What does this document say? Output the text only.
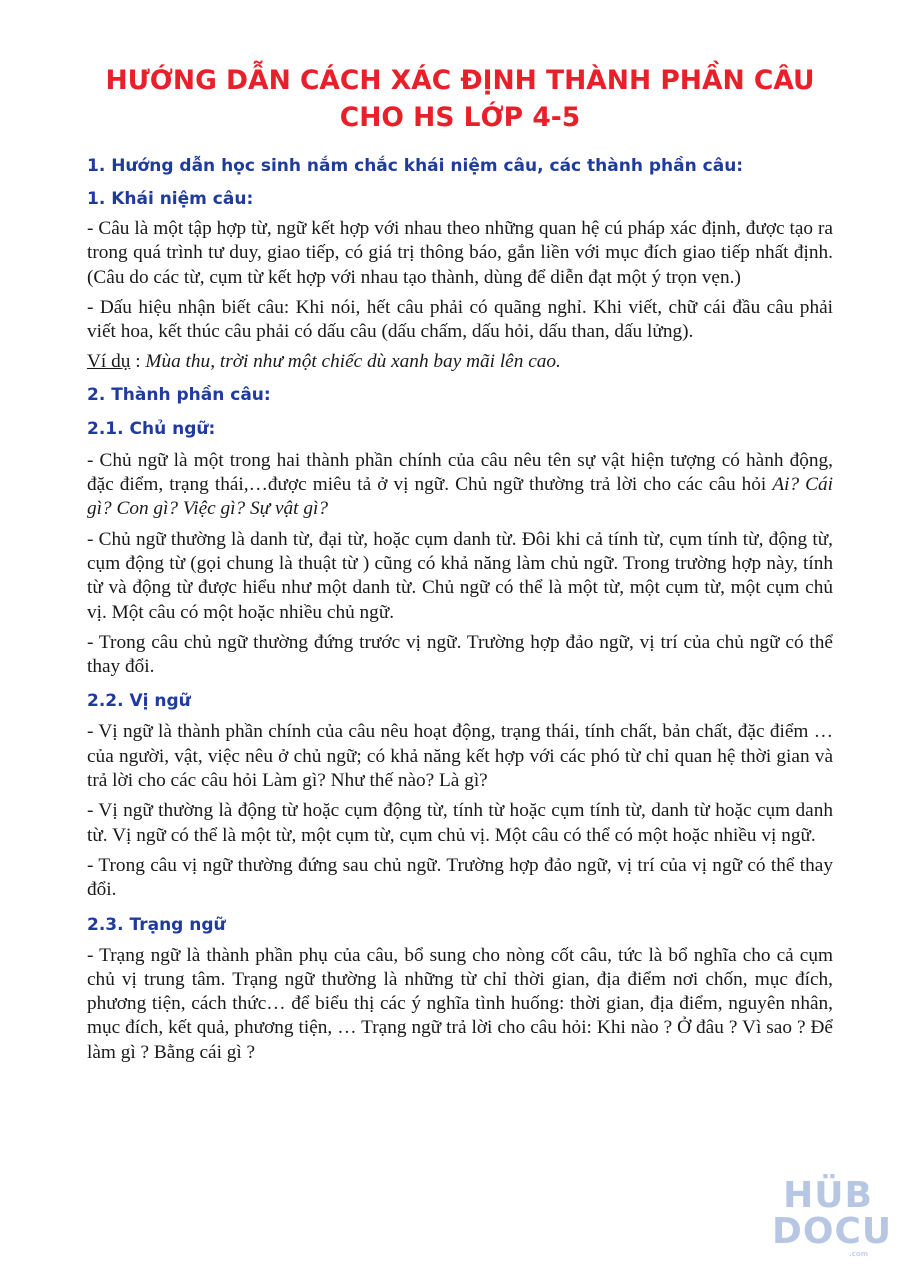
HƯỚNG DẪN CÁCH XÁC ĐỊNH THÀNH PHẦN CÂU
CHO HS LỚP 4-5
1. Hướng dẫn học sinh nắm chắc khái niệm câu, các thành phần câu:
1. Khái niệm câu:

- Câu là một tập hợp từ, ngữ kết hợp với nhau theo những quan hệ cú pháp xác định, được tạo ra trong quá trình tư duy, giao tiếp, có giá trị thông báo, gắn liền với mục đích giao tiếp nhất định.(Câu do các từ, cụm từ kết hợp với nhau tạo thành, dùng để diễn đạt một ý trọn vẹn.)

- Dấu hiệu nhận biết câu: Khi nói, hết câu phải có quãng nghỉ. Khi viết, chữ cái đầu câu phải viết hoa, kết thúc câu phải có dấu câu (dấu chấm, dấu hỏi, dấu than, dấu lửng).

Ví dụ : Mùa thu, trời như một chiếc dù xanh bay mãi lên cao.

2. Thành phần câu:
2.1. Chủ ngữ:

- Chủ ngữ là một trong hai thành phần chính của câu nêu tên sự vật hiện tượng có hành động, đặc điểm, trạng thái,…được miêu tả ở vị ngữ. Chủ ngữ thường trả lời cho các câu hỏi Ai? Cái gì? Con gì? Việc gì? Sự vật gì?

- Chủ ngữ thường là danh từ, đại từ, hoặc cụm danh từ. Đôi khi cả tính từ, cụm tính từ, động từ, cụm động từ (gọi chung là thuật từ ) cũng có khả năng làm chủ ngữ. Trong trường hợp này, tính từ và động từ được hiểu như một danh từ. Chủ ngữ có thể là một từ, một cụm từ, một cụm chủ vị. Một câu có một hoặc nhiều chủ ngữ.

- Trong câu chủ ngữ thường đứng trước vị ngữ. Trường hợp đảo ngữ, vị trí của chủ ngữ có thể thay đổi.

2.2. Vị ngữ

- Vị ngữ là thành phần chính của câu nêu hoạt động, trạng thái, tính chất, bản chất, đặc điểm … của người, vật, việc nêu ở chủ ngữ; có khả năng kết hợp với các phó từ chỉ quan hệ thời gian và trả lời cho các câu hỏi Làm gì? Như thế nào? Là gì?

- Vị ngữ thường là động từ hoặc cụm động từ, tính từ hoặc cụm tính từ, danh từ hoặc cụm danh từ. Vị ngữ có thể là một từ, một cụm từ, cụm chủ vị. Một câu có thể có một hoặc nhiều vị ngữ.

- Trong câu vị ngữ thường đứng sau chủ ngữ. Trường hợp đảo ngữ, vị trí của vị ngữ có thể thay đổi.

2.3. Trạng ngữ

- Trạng ngữ là thành phần phụ của câu, bổ sung cho nòng cốt câu, tức là bổ nghĩa cho cả cụm chủ vị trung tâm. Trạng ngữ thường là những từ chỉ thời gian, địa điểm nơi chốn, mục đích, phương tiện, cách thức… để biểu thị các ý nghĩa tình huống: thời gian, địa điểm, nguyên nhân, mục đích, kết quả, phương tiện, … Trạng ngữ trả lời cho câu hỏi: Khi nào ? Ở đâu ? Vì sao ? Để làm gì ? Bằng cái gì ?

HÜB
DOCU
.com
